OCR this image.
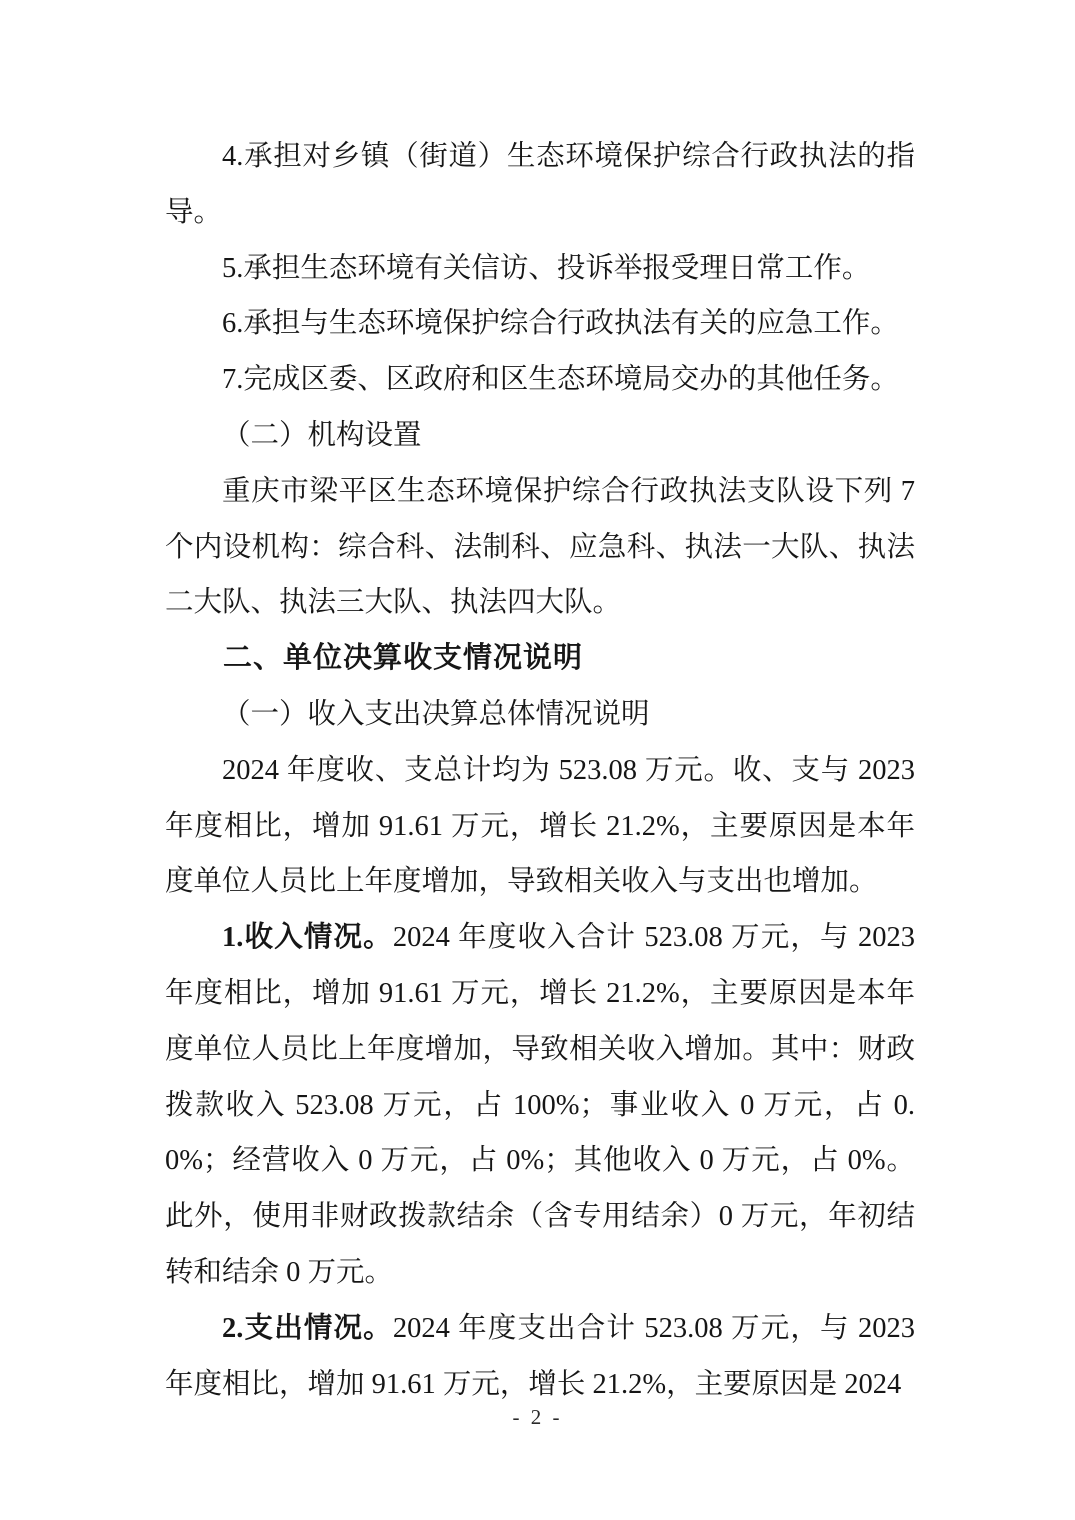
4.承担对乡镇（街道）生态环境保护综合行政执法的指导。

5.承担生态环境有关信访、投诉举报受理日常工作。

6.承担与生态环境保护综合行政执法有关的应急工作。

7.完成区委、区政府和区生态环境局交办的其他任务。

（二）机构设置

重庆市梁平区生态环境保护综合行政执法支队设下列 7 个内设机构：综合科、法制科、应急科、执法一大队、执法二大队、执法三大队、执法四大队。

二、单位决算收支情况说明

（一）收入支出决算总体情况说明

2024 年度收、支总计均为 523.08 万元。收、支与 2023 年度相比，增加 91.61 万元，增长 21.2%，主要原因是本年度单位人员比上年度增加，导致相关收入与支出也增加。

1.收入情况。2024 年度收入合计 523.08 万元，与 2023 年度相比，增加 91.61 万元，增长 21.2%，主要原因是本年度单位人员比上年度增加，导致相关收入增加。其中：财政拨款收入 523.08 万元，占 100%；事业收入 0 万元，占 0.0%；经营收入 0 万元，占 0%；其他收入 0 万元，占 0%。此外，使用非财政拨款结余（含专用结余）0 万元，年初结转和结余 0 万元。

2.支出情况。2024 年度支出合计 523.08 万元，与 2023 年度相比，增加 91.61 万元，增长 21.2%，主要原因是 2024

- 2 -
